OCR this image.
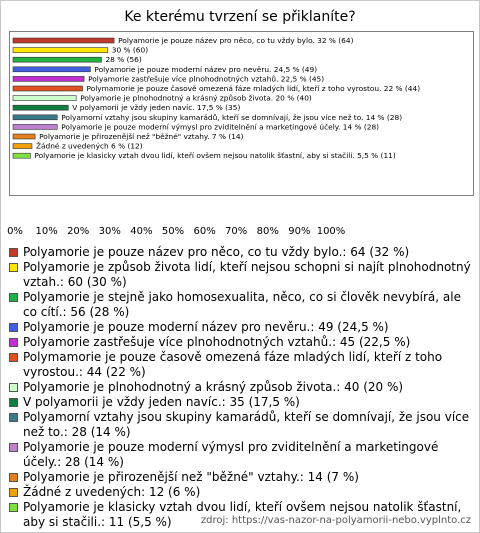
Ke kterému tvrzení se přiklaníte?
Polyamorie je pouze název pro něco, co tu vždy bylo. 32 % (64)
30 % (60)
28 % (56)
Polyamorie je pouze moderní název pro nevěru. 24,5 % (49)
Polyamorie zastřešuje více plnohodnotných vztahů. 22,5 % (45)
Polymamorie je pouze časově omezená fáze mladých lidí, kteří z toho vyrostou. 22 % (44)
Polyamorie je plnohodnotný a krásný způsob života. 20 % (40)
V polyamorii je vždy jeden navíc. 17,5 % (35)
Polyamorní vztahy jsou skupiny kamarádů, kteří se domnívají, že jsou více než to. 14 % (28)
Polyamorie je pouze moderní výmysl pro zviditelnění a marketingové účely. 14 % (28)
Polyamorie je přirozenější než "běžné" vztahy. 7 % (14)
Žádné z uvedených 6 % (12)
Polyamorie je klasicky vztah dvou lidí, kteří ovšem nejsou natolik šťastní, aby si stačili. 5,5 % (11)
0% 10% 20% 30% 40% 50% 60% 70% 80% 90% 100%
Polyamorie je pouze název pro něco, co tu vždy bylo.: 64 (32 %)
Polyamorie je způsob života lidí, kteří nejsou schopni si najít plnohodnotný vztah.: 60 (30 %)
Polyamorie je stejně jako homosexualita, něco, co si člověk nevybírá, ale co cítí.: 56 (28 %)
Polyamorie je pouze moderní název pro nevěru.: 49 (24,5 %)
Polyamorie zastřešuje více plnohodnotných vztahů.: 45 (22,5 %)
Polymamorie je pouze časově omezená fáze mladých lidí, kteří z toho vyrostou.: 44 (22 %)
Polyamorie je plnohodnotný a krásný způsob života.: 40 (20 %)
V polyamorii je vždy jeden navíc.: 35 (17,5 %)
Polyamorní vztahy jsou skupiny kamarádů, kteří se domnívají, že jsou více než to.: 28 (14 %)
Polyamorie je pouze moderní výmysl pro zviditelnění a marketingové účely.: 28 (14 %)
Polyamorie je přirozenější než "běžné" vztahy.: 14 (7 %)
Žádné z uvedených: 12 (6 %)
Polyamorie je klasicky vztah dvou lidí, kteří ovšem nejsou natolik šťastní, aby si stačili.: 11 (5,5 %)	zdroj: https://vas-nazor-na-polyamorii-nebo.vyplnto.cz
